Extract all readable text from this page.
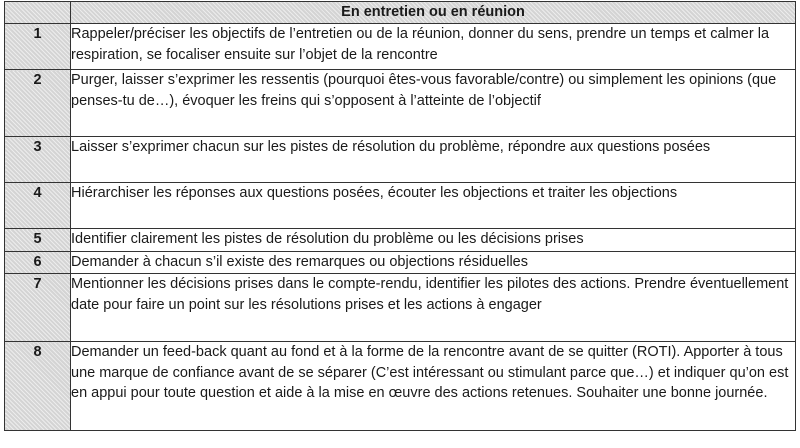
	En entretien ou en réunion
1	Rappeler/préciser les objectifs de l’entretien ou de la réunion, donner du sens, prendre un temps et calmer la respiration, se focaliser ensuite sur l’objet de la rencontre
2	Purger, laisser s’exprimer les ressentis (pourquoi êtes-vous favorable/contre) ou simplement les opinions (que penses-tu de…), évoquer les freins qui s’opposent à l’atteinte de l’objectif
3	Laisser s’exprimer chacun sur les pistes de résolution du problème, répondre aux questions posées
4	Hiérarchiser les réponses aux questions posées, écouter les objections et traiter les objections
5	Identifier clairement les pistes de résolution du problème ou les décisions prises
6	Demander à chacun s’il existe des remarques ou objections résiduelles
7	Mentionner les décisions prises dans le compte-rendu, identifier les pilotes des actions. Prendre éventuellement date pour faire un point sur les résolutions prises et les actions à engager
8	Demander un feed-back quant au fond et à la forme de la rencontre avant de se quitter (ROTI). Apporter à tous une marque de confiance avant de se séparer (C’est intéressant ou stimulant parce que…) et indiquer qu’on est en appui pour toute question et aide à la mise en œuvre des actions retenues. Souhaiter une bonne journée.
